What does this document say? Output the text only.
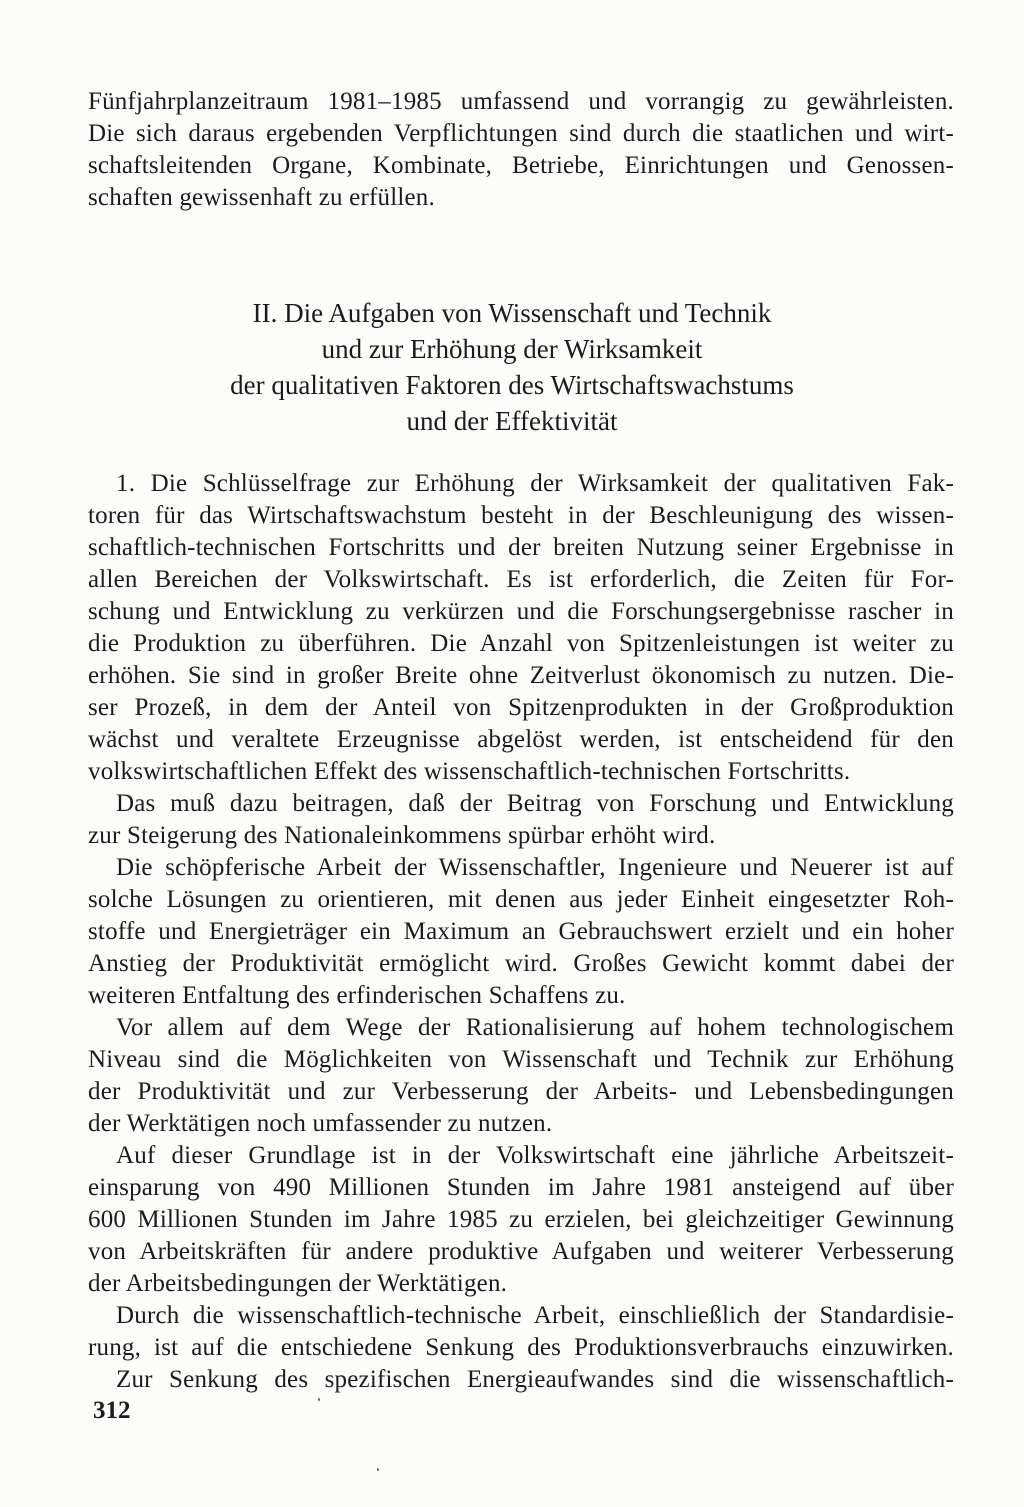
Fünfjahrplanzeitraum 1981–1985 umfassend und vorrangig zu gewährleisten.
Die sich daraus ergebenden Verpflichtungen sind durch die staatlichen und wirt-
schaftsleitenden Organe, Kombinate, Betriebe, Einrichtungen und Genossen-
schaften gewissenhaft zu erfüllen.
II. Die Aufgaben von Wissenschaft und Technik
und zur Erhöhung der Wirksamkeit
der qualitativen Faktoren des Wirtschaftswachstums
und der Effektivität
1. Die Schlüsselfrage zur Erhöhung der Wirksamkeit der qualitativen Fak-
toren für das Wirtschaftswachstum besteht in der Beschleunigung des wissen-
schaftlich-technischen Fortschritts und der breiten Nutzung seiner Ergebnisse in
allen Bereichen der Volkswirtschaft. Es ist erforderlich, die Zeiten für For-
schung und Entwicklung zu verkürzen und die Forschungsergebnisse rascher in
die Produktion zu überführen. Die Anzahl von Spitzenleistungen ist weiter zu
erhöhen. Sie sind in großer Breite ohne Zeitverlust ökonomisch zu nutzen. Die-
ser Prozeß, in dem der Anteil von Spitzenprodukten in der Großproduktion
wächst und veraltete Erzeugnisse abgelöst werden, ist entscheidend für den
volkswirtschaftlichen Effekt des wissenschaftlich-technischen Fortschritts.
Das muß dazu beitragen, daß der Beitrag von Forschung und Entwicklung
zur Steigerung des Nationaleinkommens spürbar erhöht wird.
Die schöpferische Arbeit der Wissenschaftler, Ingenieure und Neuerer ist auf
solche Lösungen zu orientieren, mit denen aus jeder Einheit eingesetzter Roh-
stoffe und Energieträger ein Maximum an Gebrauchswert erzielt und ein hoher
Anstieg der Produktivität ermöglicht wird. Großes Gewicht kommt dabei der
weiteren Entfaltung des erfinderischen Schaffens zu.
Vor allem auf dem Wege der Rationalisierung auf hohem technologischem
Niveau sind die Möglichkeiten von Wissenschaft und Technik zur Erhöhung
der Produktivität und zur Verbesserung der Arbeits- und Lebensbedingungen
der Werktätigen noch umfassender zu nutzen.
Auf dieser Grundlage ist in der Volkswirtschaft eine jährliche Arbeitszeit-
einsparung von 490 Millionen Stunden im Jahre 1981 ansteigend auf über
600 Millionen Stunden im Jahre 1985 zu erzielen, bei gleichzeitiger Gewinnung
von Arbeitskräften für andere produktive Aufgaben und weiterer Verbesserung
der Arbeitsbedingungen der Werktätigen.
Durch die wissenschaftlich-technische Arbeit, einschließlich der Standardisie-
rung, ist auf die entschiedene Senkung des Produktionsverbrauchs einzuwirken.
Zur Senkung des spezifischen Energieaufwandes sind die wissenschaftlich-
312
